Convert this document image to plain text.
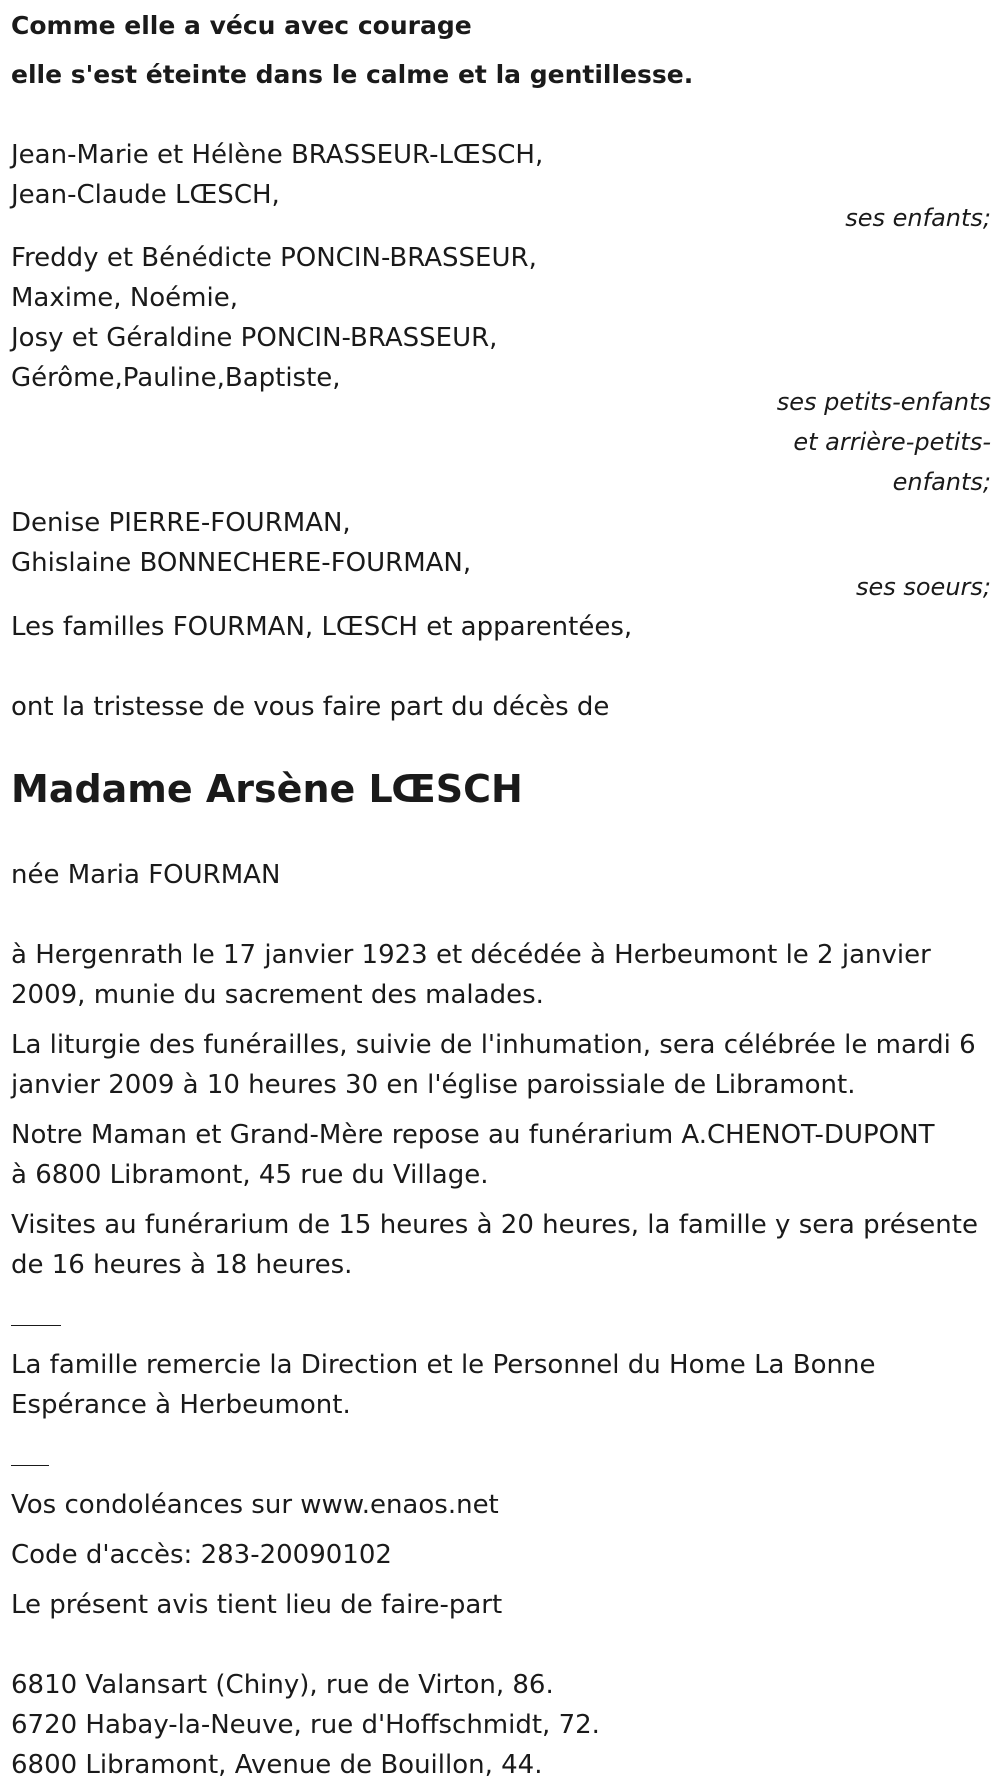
Comme elle a vécu avec courage
elle s'est éteinte dans le calme et la gentillesse.
Jean-Marie et Hélène BRASSEUR-LŒSCH,
Jean-Claude LŒSCH,
ses enfants;
Freddy et Bénédicte PONCIN-BRASSEUR,
Maxime, Noémie,
Josy et Géraldine PONCIN-BRASSEUR,
Gérôme,Pauline,Baptiste,
ses petits-enfants
et arrière-petits-
enfants;
Denise PIERRE-FOURMAN,
Ghislaine BONNECHERE-FOURMAN,
ses soeurs;
Les familles FOURMAN, LŒSCH et apparentées,
ont la tristesse de vous faire part du décès de
Madame Arsène LŒSCH
née Maria FOURMAN
à Hergenrath le 17 janvier 1923 et décédée à Herbeumont le 2 janvier
2009, munie du sacrement des malades.
La liturgie des funérailles, suivie de l'inhumation, sera célébrée le mardi 6
janvier 2009 à 10 heures 30 en l'église paroissiale de Libramont.
Notre Maman et Grand-Mère repose au funérarium A.CHENOT-DUPONT
à 6800 Libramont, 45 rue du Village.
Visites au funérarium de 15 heures à 20 heures, la famille y sera présente
de 16 heures à 18 heures.
La famille remercie la Direction et le Personnel du Home La Bonne
Espérance à Herbeumont.
Vos condoléances sur www.enaos.net
Code d'accès: 283-20090102
Le présent avis tient lieu de faire-part
6810 Valansart (Chiny), rue de Virton, 86.
6720 Habay-la-Neuve, rue d'Hoffschmidt, 72.
6800 Libramont, Avenue de Bouillon, 44.
